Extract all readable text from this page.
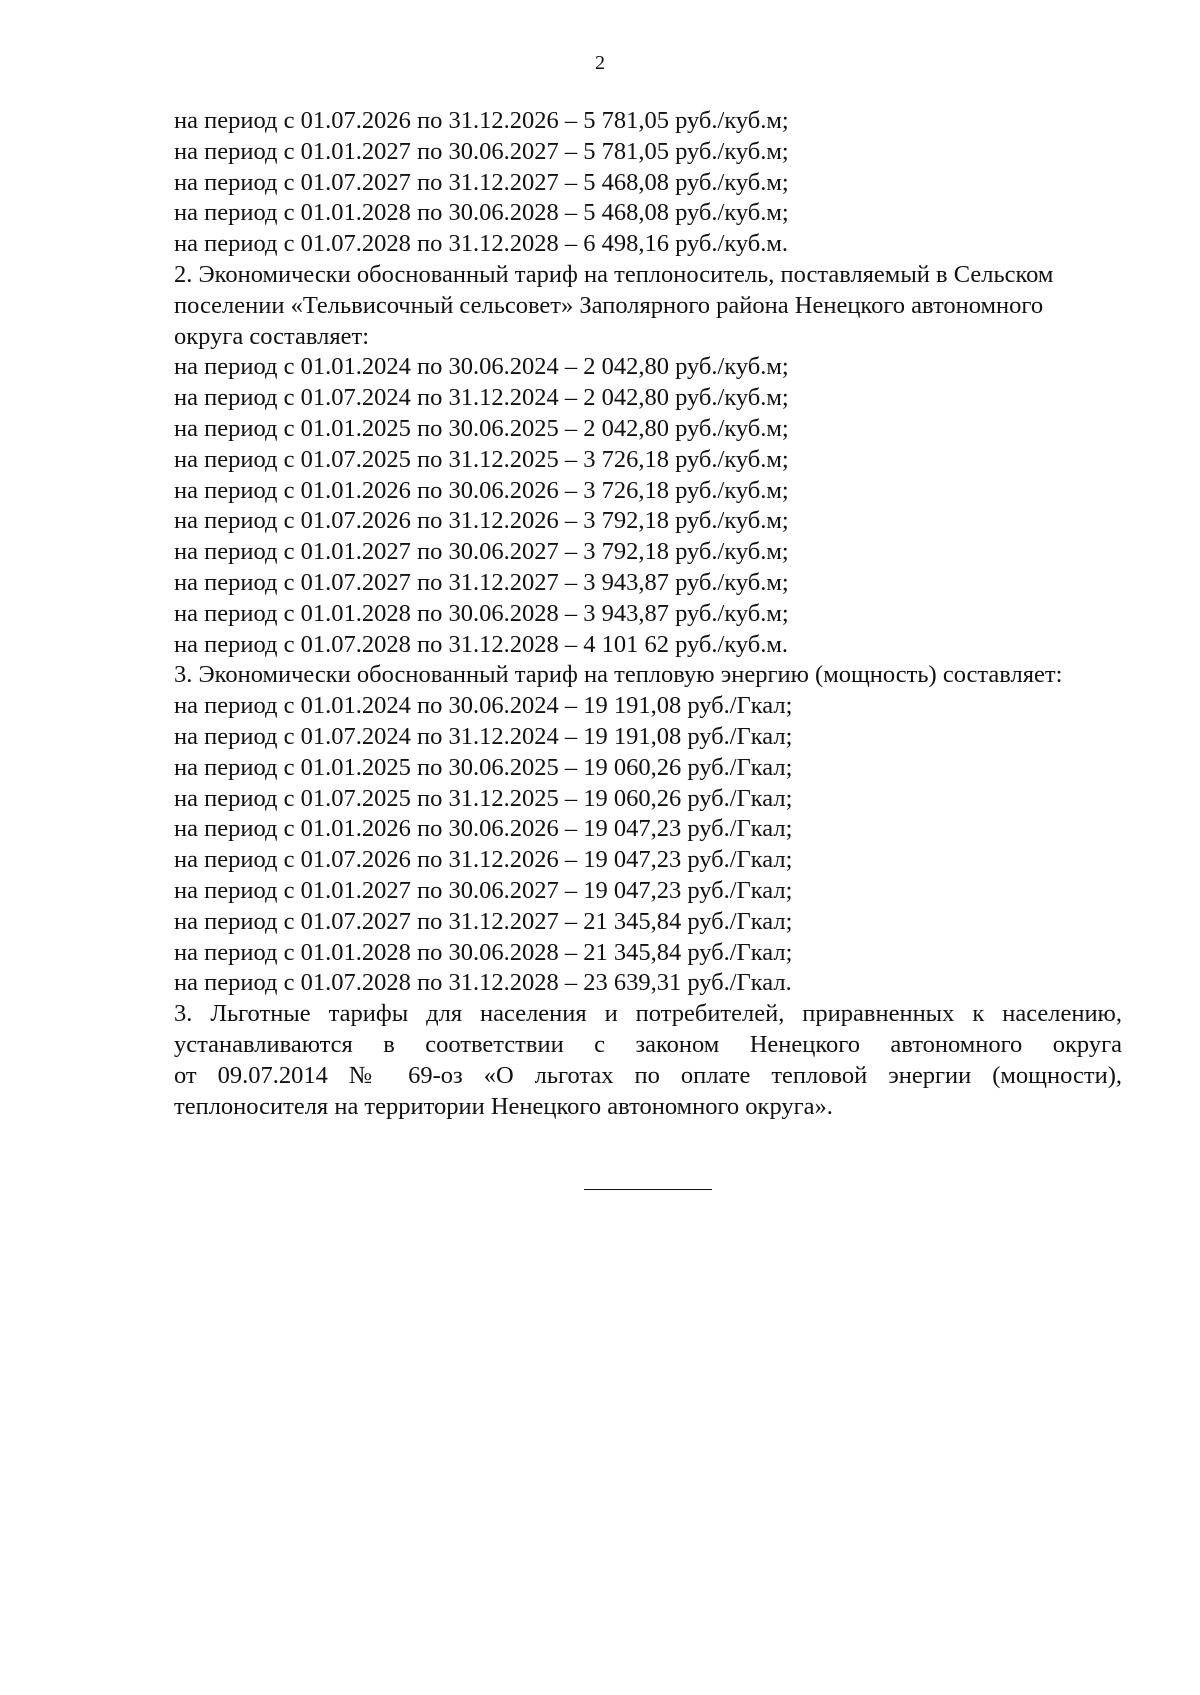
2
на период с 01.07.2026 по 31.12.2026 – 5 781,05 руб./куб.м;
на период с 01.01.2027 по 30.06.2027 – 5 781,05 руб./куб.м;
на период с 01.07.2027 по 31.12.2027 – 5 468,08 руб./куб.м;
на период с 01.01.2028 по 30.06.2028 – 5 468,08 руб./куб.м;
на период с 01.07.2028 по 31.12.2028 – 6 498,16 руб./куб.м.
2. Экономически обоснованный тариф на теплоноситель, поставляемый в Сельском
поселении «Тельвисочный сельсовет» Заполярного района Ненецкого автономного
округа составляет:
на период с 01.01.2024 по 30.06.2024 – 2 042,80 руб./куб.м;
на период с 01.07.2024 по 31.12.2024 – 2 042,80 руб./куб.м;
на период с 01.01.2025 по 30.06.2025 – 2 042,80 руб./куб.м;
на период с 01.07.2025 по 31.12.2025 – 3 726,18 руб./куб.м;
на период с 01.01.2026 по 30.06.2026 – 3 726,18 руб./куб.м;
на период с 01.07.2026 по 31.12.2026 – 3 792,18 руб./куб.м;
на период с 01.01.2027 по 30.06.2027 – 3 792,18 руб./куб.м;
на период с 01.07.2027 по 31.12.2027 – 3 943,87 руб./куб.м;
на период с 01.01.2028 по 30.06.2028 – 3 943,87 руб./куб.м;
на период с 01.07.2028 по 31.12.2028 – 4 101 62 руб./куб.м.
3. Экономически обоснованный тариф на тепловую энергию (мощность) составляет:
на период с 01.01.2024 по 30.06.2024 – 19 191,08 руб./Гкал;
на период с 01.07.2024 по 31.12.2024 – 19 191,08 руб./Гкал;
на период с 01.01.2025 по 30.06.2025 – 19 060,26 руб./Гкал;
на период с 01.07.2025 по 31.12.2025 – 19 060,26 руб./Гкал;
на период с 01.01.2026 по 30.06.2026 – 19 047,23 руб./Гкал;
на период с 01.07.2026 по 31.12.2026 – 19 047,23 руб./Гкал;
на период с 01.01.2027 по 30.06.2027 – 19 047,23 руб./Гкал;
на период с 01.07.2027 по 31.12.2027 – 21 345,84 руб./Гкал;
на период с 01.01.2028 по 30.06.2028 – 21 345,84 руб./Гкал;
на период с 01.07.2028 по 31.12.2028 – 23 639,31 руб./Гкал.
3. Льготные тарифы для населения и потребителей, приравненных к населению,
устанавливаются в соответствии с законом Ненецкого автономного округа
от 09.07.2014 № 69-оз «О льготах по оплате тепловой энергии (мощности),
теплоносителя на территории Ненецкого автономного округа».
